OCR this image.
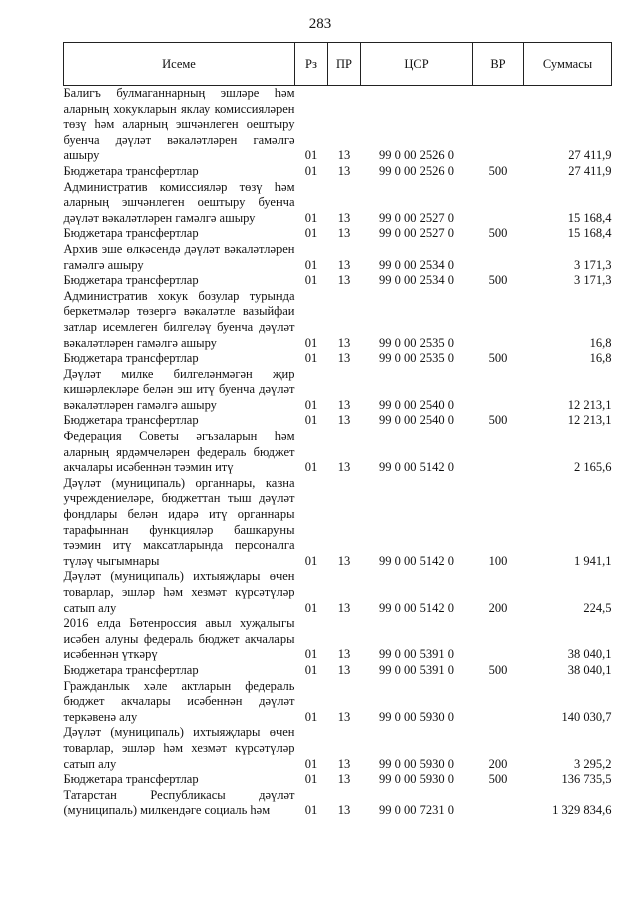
283
Исеме	Рз	ПР	ЦСР	ВР	Суммасы
Балигъ булмаганнарның эшләре һәм аларның хокукларын яклау комиссияләрен төзү һәм аларның эшчәнлеген оештыру буенча дәүләт вәкаләтләрен гамәлгә ашыру	01	13	99 0 00 2526 0		27 411,9
Бюджетара трансфертлар	01	13	99 0 00 2526 0	500	27 411,9
Административ комиссияләр төзү һәм аларның эшчәнлеген оештыру буенча дәүләт вәкаләтләрен гамәлгә ашыру	01	13	99 0 00 2527 0		15 168,4
Бюджетара трансфертлар	01	13	99 0 00 2527 0	500	15 168,4
Архив эше өлкәсендә дәүләт вәкаләтләрен гамәлгә ашыру	01	13	99 0 00 2534 0		3 171,3
Бюджетара трансфертлар	01	13	99 0 00 2534 0	500	3 171,3
Административ хокук бозулар турында беркетмәләр төзергә вәкаләтле вазыйфаи затлар исемлеген билгеләү буенча дәүләт вәкаләтләрен гамәлгә ашыру	01	13	99 0 00 2535 0		16,8
Бюджетара трансфертлар	01	13	99 0 00 2535 0	500	16,8
Дәүләт милке билгеләнмәгән җир кишәрлекләре белән эш итү буенча дәүләт вәкаләтләрен гамәлгә ашыру	01	13	99 0 00 2540 0		12 213,1
Бюджетара трансфертлар	01	13	99 0 00 2540 0	500	12 213,1
Федерация Советы әгъзаларын һәм аларның ярдәмчеләрен федераль бюджет акчалары исәбеннән тәэмин итү	01	13	99 0 00 5142 0		2 165,6
Дәүләт (муниципаль) органнары, казна учреждениеләре, бюджеттан тыш дәүләт фондлары белән идарә итү органнары тарафыннан функцияләр башкаруны тәэмин итү максатларында персоналга түләү чыгымнары	01	13	99 0 00 5142 0	100	1 941,1
Дәүләт (муниципаль) ихтыяҗлары өчен товарлар, эшләр һәм хезмәт күрсәтүләр сатып алу	01	13	99 0 00 5142 0	200	224,5
2016 елда Бөтенроссия авыл хуҗалыгы исәбен алуны федераль бюджет акчалары исәбеннән үткәрү	01	13	99 0 00 5391 0		38 040,1
Бюджетара трансфертлар	01	13	99 0 00 5391 0	500	38 040,1
Гражданлык хәле актларын федераль бюджет акчалары исәбеннән дәүләт теркәвенә алу	01	13	99 0 00 5930 0		140 030,7
Дәүләт (муниципаль) ихтыяҗлары өчен товарлар, эшләр һәм хезмәт күрсәтүләр сатып алу	01	13	99 0 00 5930 0	200	3 295,2
Бюджетара трансфертлар	01	13	99 0 00 5930 0	500	136 735,5
Татарстан Республикасы дәүләт (муниципаль) милкендәге социаль һәм	01	13	99 0 00 7231 0		1 329 834,6
